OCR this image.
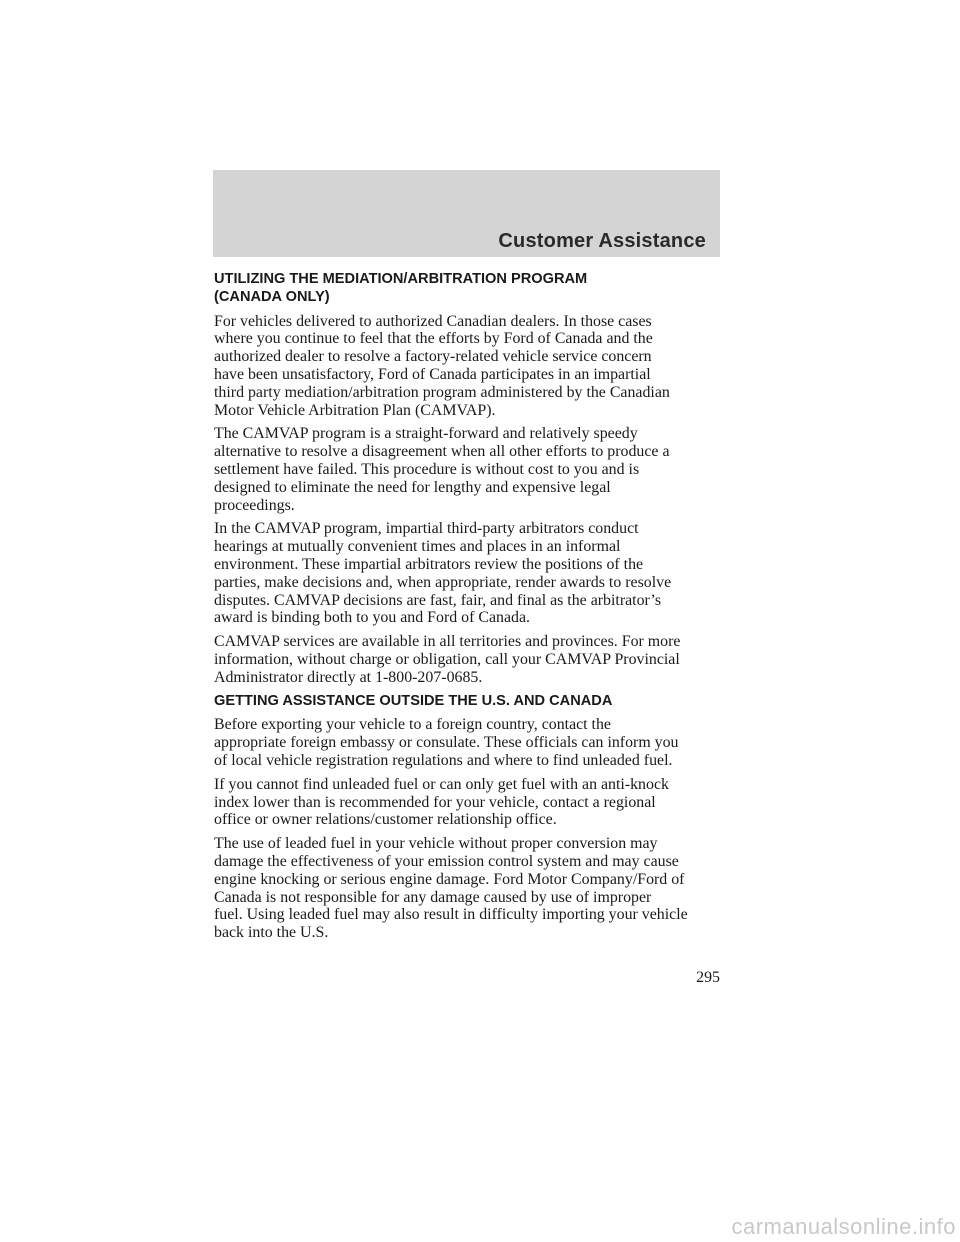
Customer Assistance
UTILIZING THE MEDIATION/ARBITRATION PROGRAM
(CANADA ONLY)

For vehicles delivered to authorized Canadian dealers. In those cases
where you continue to feel that the efforts by Ford of Canada and the
authorized dealer to resolve a factory-related vehicle service concern
have been unsatisfactory, Ford of Canada participates in an impartial
third party mediation/arbitration program administered by the Canadian
Motor Vehicle Arbitration Plan (CAMVAP).

The CAMVAP program is a straight-forward and relatively speedy
alternative to resolve a disagreement when all other efforts to produce a
settlement have failed. This procedure is without cost to you and is
designed to eliminate the need for lengthy and expensive legal
proceedings.

In the CAMVAP program, impartial third-party arbitrators conduct
hearings at mutually convenient times and places in an informal
environment. These impartial arbitrators review the positions of the
parties, make decisions and, when appropriate, render awards to resolve
disputes. CAMVAP decisions are fast, fair, and final as the arbitrator’s
award is binding both to you and Ford of Canada.

CAMVAP services are available in all territories and provinces. For more
information, without charge or obligation, call your CAMVAP Provincial
Administrator directly at 1-800-207-0685.

GETTING ASSISTANCE OUTSIDE THE U.S. AND CANADA

Before exporting your vehicle to a foreign country, contact the
appropriate foreign embassy or consulate. These officials can inform you
of local vehicle registration regulations and where to find unleaded fuel.

If you cannot find unleaded fuel or can only get fuel with an anti-knock
index lower than is recommended for your vehicle, contact a regional
office or owner relations/customer relationship office.

The use of leaded fuel in your vehicle without proper conversion may
damage the effectiveness of your emission control system and may cause
engine knocking or serious engine damage. Ford Motor Company/Ford of
Canada is not responsible for any damage caused by use of improper
fuel. Using leaded fuel may also result in difficulty importing your vehicle
back into the U.S.

295
carmanualsonline.info
